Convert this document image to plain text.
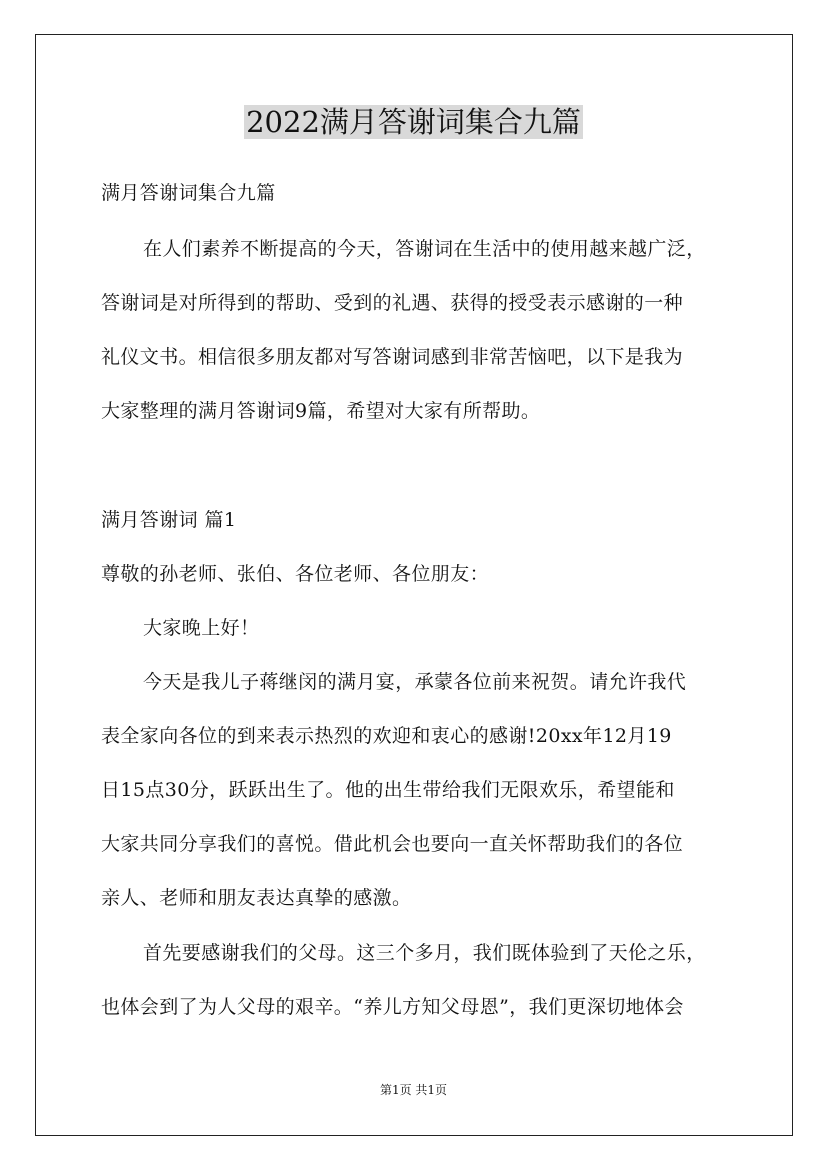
2022满月答谢词集合九篇
满月答谢词集合九篇
在人们素养不断提高的今天，答谢词在生活中的使用越来越广泛，
答谢词是对所得到的帮助、受到的礼遇、获得的授受表示感谢的一种
礼仪文书。相信很多朋友都对写答谢词感到非常苦恼吧，以下是我为
大家整理的满月答谢词9篇，希望对大家有所帮助。
满月答谢词 篇1
尊敬的孙老师、张伯、各位老师、各位朋友：
大家晚上好！
今天是我儿子蒋继闵的满月宴，承蒙各位前来祝贺。请允许我代
表全家向各位的到来表示热烈的欢迎和衷心的感谢!20xx年12月19
日15点30分，跃跃出生了。他的出生带给我们无限欢乐，希望能和
大家共同分享我们的喜悦。借此机会也要向一直关怀帮助我们的各位
亲人、老师和朋友表达真挚的感激。
首先要感谢我们的父母。这三个多月，我们既体验到了天伦之乐，
也体会到了为人父母的艰辛。“养儿方知父母恩”，我们更深切地体会
第1页 共1页
